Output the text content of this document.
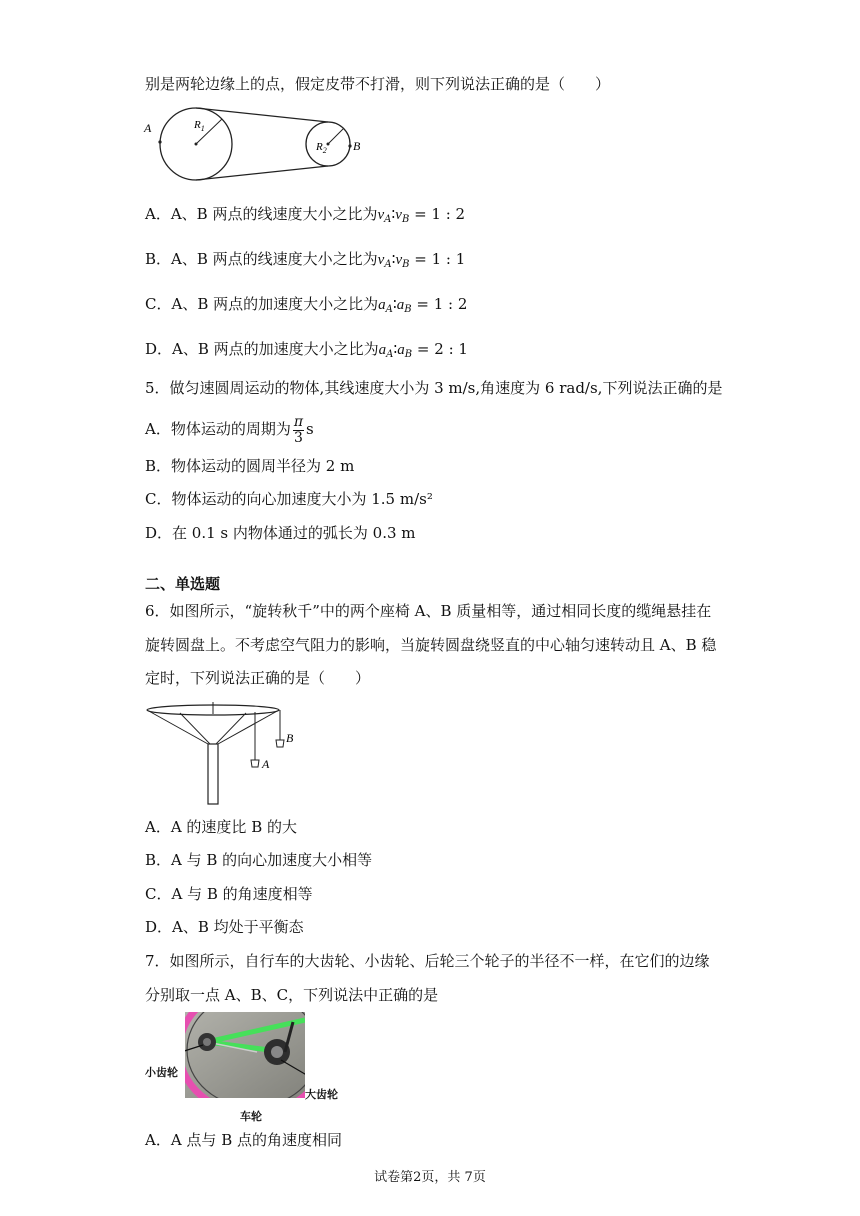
别是两轮边缘上的点，假定皮带不打滑，则下列说法正确的是（　　）
A
B
$R_1$
$R_2$
A．A、B 两点的线速度大小之比为$v_A∶v_B = 1$ : 2
B．A、B 两点的线速度大小之比为$v_A∶v_B = 1$ : 1
C．A、B 两点的加速度大小之比为$a_A∶a_B = 1$ : 2
D．A、B 两点的加速度大小之比为$a_A∶a_B = 2$ : 1
5．做匀速圆周运动的物体,其线速度大小为 3 m/s,角速度为 6 rad/s,下列说法正确的是
A．物体运动的周期为 $\frac{\pi}{3}$ s
B．物体运动的圆周半径为 2 m
C．物体运动的向心加速度大小为 1.5 m/s²
D．在 0.1 s 内物体通过的弧长为 0.3 m
二、单选题
6．如图所示，“旋转秋千”中的两个座椅 A、B 质量相等，通过相同长度的缆绳悬挂在
旋转圆盘上。不考虑空气阻力的影响，当旋转圆盘绕竖直的中心轴匀速转动且 A、B 稳
定时，下列说法正确的是（　　）
A
B
A．A 的速度比 B 的大
B．A 与 B 的向心加速度大小相等
C．A 与 B 的角速度相等
D．A、B 均处于平衡态
7．如图所示，自行车的大齿轮、小齿轮、后轮三个轮子的半径不一样，在它们的边缘
分别取一点 A、B、C，下列说法中正确的是
小齿轮
大齿轮
车轮
A．A 点与 B 点的角速度相同
试卷第2页，共 7页
